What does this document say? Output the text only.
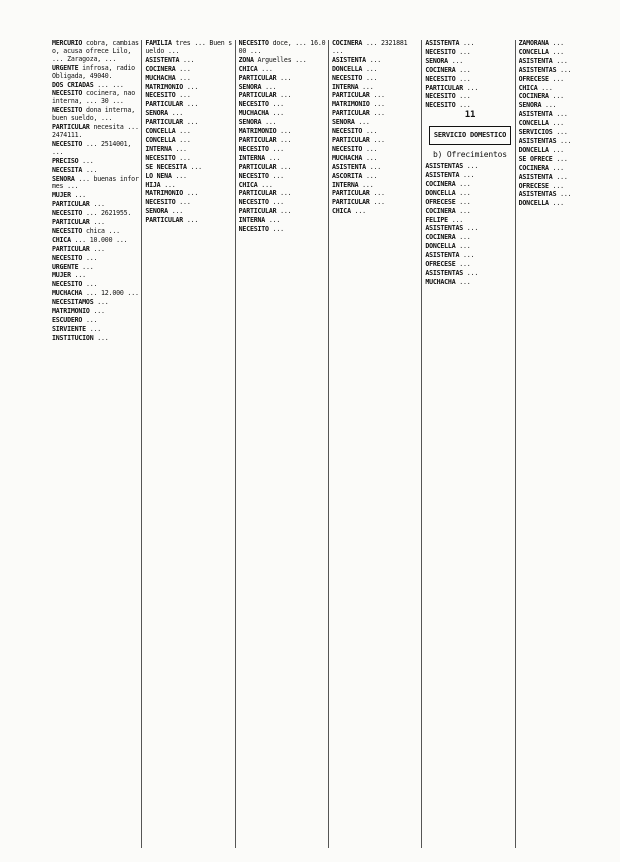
MERCURIO cobra, cambiaso, acusa ofrece Lilo, ... Zaragoza, ...
URGENTE infrosa, radio Obligada, 49040.
DOS CRIADAS ... ...
NECESITO cocinera, nao interna, ... 30 ...
NECESITO dona interna, buen sueldo, ...
PARTICULAR necesita ... 2474111.
NECESITO ... 2514001, ...
PRECISO ...
NECESITA ...
SENORA ... buenas informes ...
MUJER ...
PARTICULAR ...
NECESITO ... 2621955.
PARTICULAR ...
NECESITO chica ...
CHICA ... 10.000 ...
PARTICULAR ...
NECESITO ...
URGENTE ...
MUJER ...
NECESITO ...
MUCHACHA ... 12.000 ...
NECESITAMOS ...
MATRIMONIO ...
ESCUDERO ...
SIRVIENTE ...
INSTITUCION ...
FAMILIA tres ... Buen sueldo ...
ASISTENTA ...
COCINERA ...
MUCHACHA ...
MATRIMONIO ...
NECESITO ...
PARTICULAR ...
SENORA ...
PARTICULAR ...
CONCELLA ...
CONCELLA ...
INTERNA ...
NECESITO ...
SE NECESITA ...
LO NENA ...
HIJA ...
MATRIMONIO ...
NECESITO ...
SENORA ...
PARTICULAR ...
NECESITO doce, ... 16.000 ...
ZONA Arguelles ...
CHICA ...
PARTICULAR ...
SENORA ...
PARTICULAR ...
NECESITO ...
MUCHACHA ...
SENORA ...
MATRIMONIO ...
PARTICULAR ...
NECESITO ...
INTERNA ...
PARTICULAR ...
NECESITO ...
CHICA ...
PARTICULAR ...
NECESITO ...
PARTICULAR ...
INTERNA ...
NECESITO ...
COCINERA ... 2321881 ...
ASISTENTA ...
DONCELLA ...
NECESITO ...
INTERNA ...
PARTICULAR ...
MATRIMONIO ...
PARTICULAR ...
SENORA ...
NECESITO ...
PARTICULAR ...
NECESITO ...
MUCHACHA ...
ASISTENTA ...
ASCORITA ...
INTERNA ...
PARTICULAR ...
PARTICULAR ...
CHICA ...
ASISTENTA ...
NECESITO ...
SENORA ...
COCINERA ...
NECESITO ...
PARTICULAR ...
NECESITO ...
NECESITO ...
11
SERVICIO DOMESTICO
b) Ofrecimientos
ASISTENTAS ...
ASISTENTA ...
COCINERA ...
DONCELLA ...
OFRECESE ...
COCINERA ...
FELIPE ...
ASISTENTAS ...
COCINERA ...
DONCELLA ...
ASISTENTA ...
OFRECESE ...
ASISTENTAS ...
MUCHACHA ...
ZAMORANA ...
CONCELLA ...
ASISTENTA ...
ASISTENTAS ...
OFRECESE ...
CHICA ...
COCINERA ...
SENORA ...
ASISTENTA ...
CONCELLA ...
SERVICIOS ...
ASISTENTAS ...
DONCELLA ...
SE OFRECE ...
COCINERA ...
ASISTENTA ...
OFRECESE ...
ASISTENTAS ...
DONCELLA ...
